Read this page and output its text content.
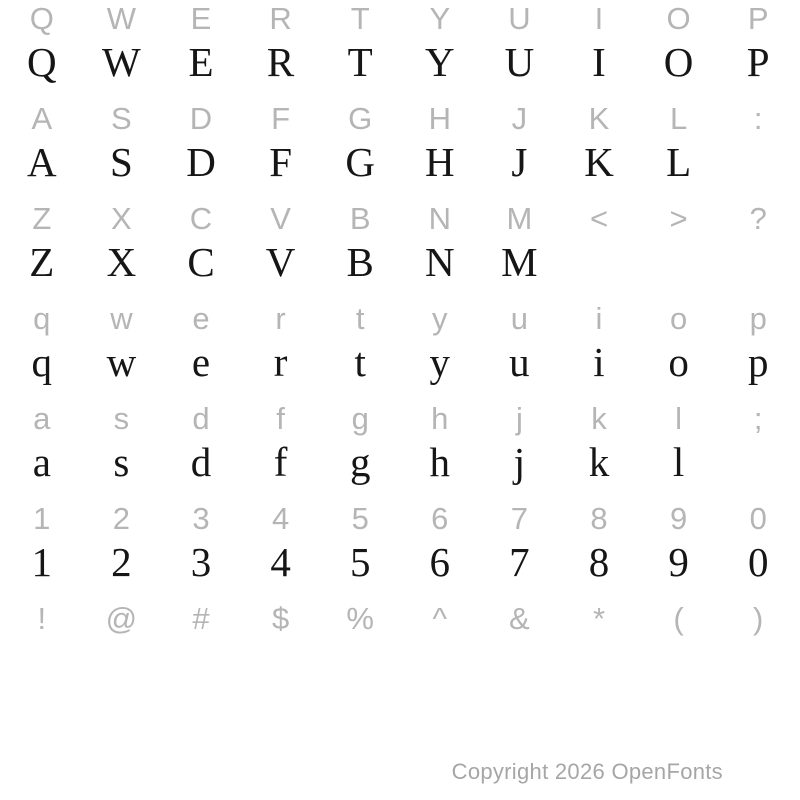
Q W E R T Y U I O P
Q W E R T Y U I O P
A S D F G H J K L :
A S D F G H J K L
Z X C V B N M < > ?
Z X C V B N M
q w e r t y u i o p
q w e r t y u i o p
a s d f g h j k l ;
a s d f g h j k l
1 2 3 4 5 6 7 8 9 0
1 2 3 4 5 6 7 8 9 0
! @ # $ % ^ & * ( )
Copyright 2026 OpenFonts
